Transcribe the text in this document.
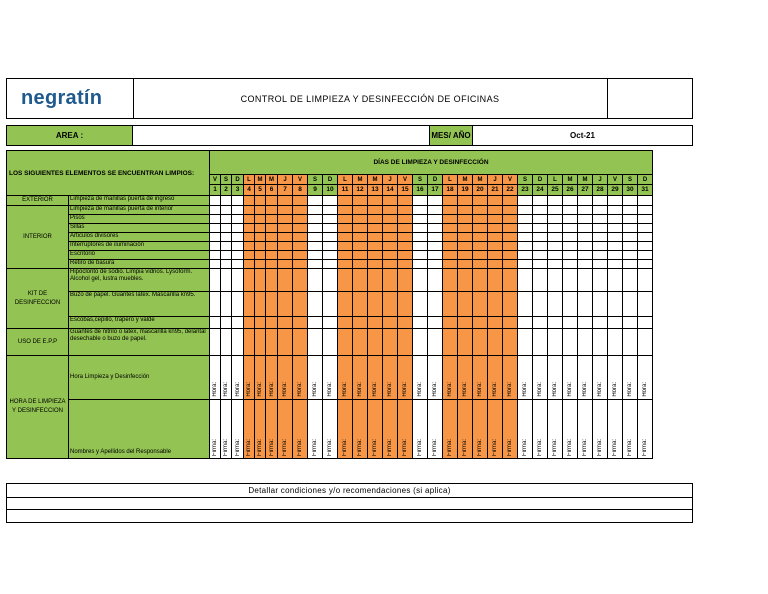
negratín	CONTROL DE LIMPIEZA Y DESINFECCIÓN DE OFICINAS
AREA :	MES/ AÑO	Oct-21
LOS SIGUIENTES ELEMENTOS SE ENCUENTRAN LIMPIOS:		DÍAS DE LIMPIEZA Y DESINFECCIÓN																														
		V	S	D	L	M	M	J	V	S	D	L	M	M	J	V	S	D	L	M	M	J	V	S	D	L	M	M	J	V	S	D
		1	2	3	4	5	6	7	8	9	10	11	12	13	14	15	16	17	18	19	20	21	22	23	24	25	26	27	28	29	30	31
EXTERIOR	Limpieza de manillas puerta de ingreso																															
INTERIOR	Limpieza de manillas puerta de interior																															
	Pisos																															
	Sillas																															
	Articulos divisores																															
	Interruptores de iluminación																															
	Escritorio																															
	Retiro de basura																															
KIT DE DESINFECCION	Hipoclorito de sodio. Limpia vidrios. Lysoform. Alcohol gel, lustra muebles.																															
	Buzo de papel. Guantes latex. Mascarilla kn95.																															
	Escobas,cepillo, trapero y valde																															
USO DE E.P.P	Guantes de nitrilo o latex, mascarilla kn95, delantal desechable o buzo de papel.																															
HORA DE LIMPIEZA Y DESINFECCION	Hora Limpieza y Desinfección	Hora:	Hora:	Hora:	Hora:	Hora:	Hora:	Hora:	Hora:	Hora:	Hora:	Hora:	Hora:	Hora:	Hora:	Hora:	Hora:	Hora:	Hora:	Hora:	Hora:	Hora:	Hora:	Hora:	Hora:	Hora:	Hora:	Hora:	Hora:	Hora:	Hora:	Hora:

	Nombres y Apellidos del Responsable	Firma:	Firma:	Firma:	Firma:	Firma:	Firma:	Firma:	Firma:	Firma:	Firma:	Firma:	Firma:	Firma:	Firma:	Firma:	Firma:	Firma:	Firma:	Firma:	Firma:	Firma:	Firma:	Firma:	Firma:	Firma:	Firma:	Firma:	Firma:	Firma:	Firma:	Firma:
Detallar condiciones y/o recomendaciones (si aplica)
